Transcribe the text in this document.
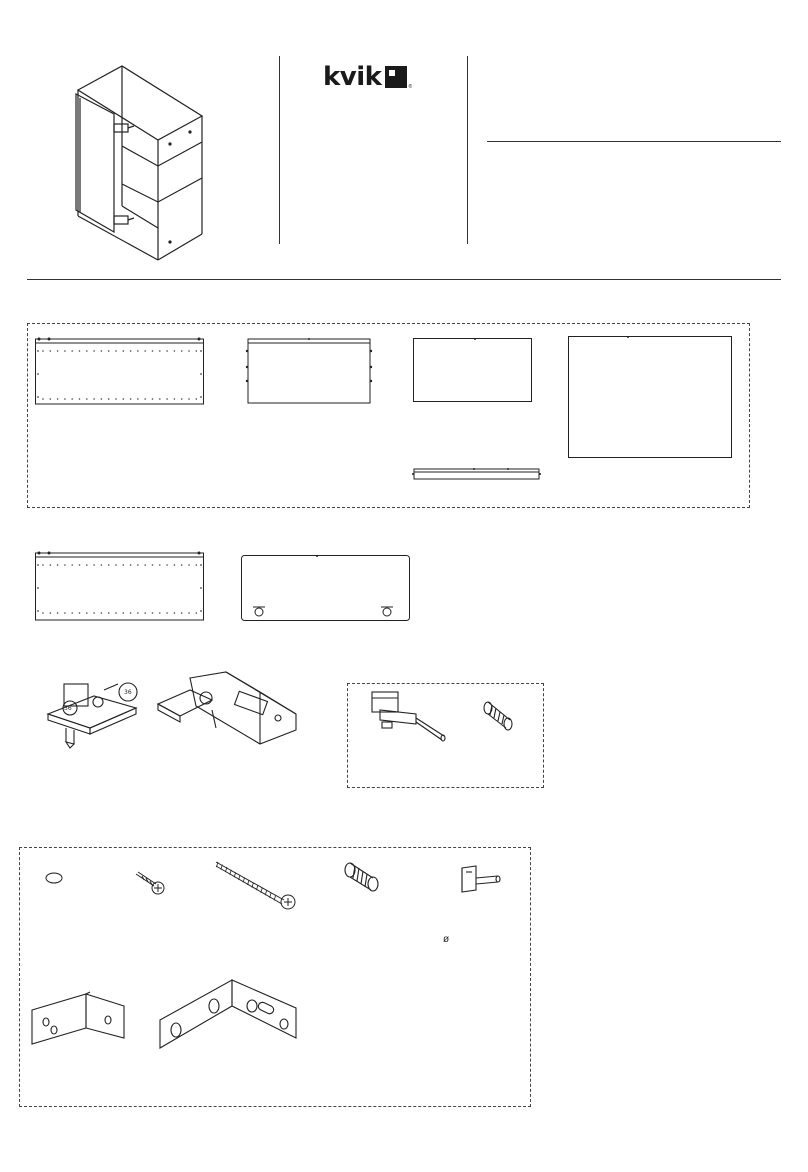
kvik	®
36
36
ø
